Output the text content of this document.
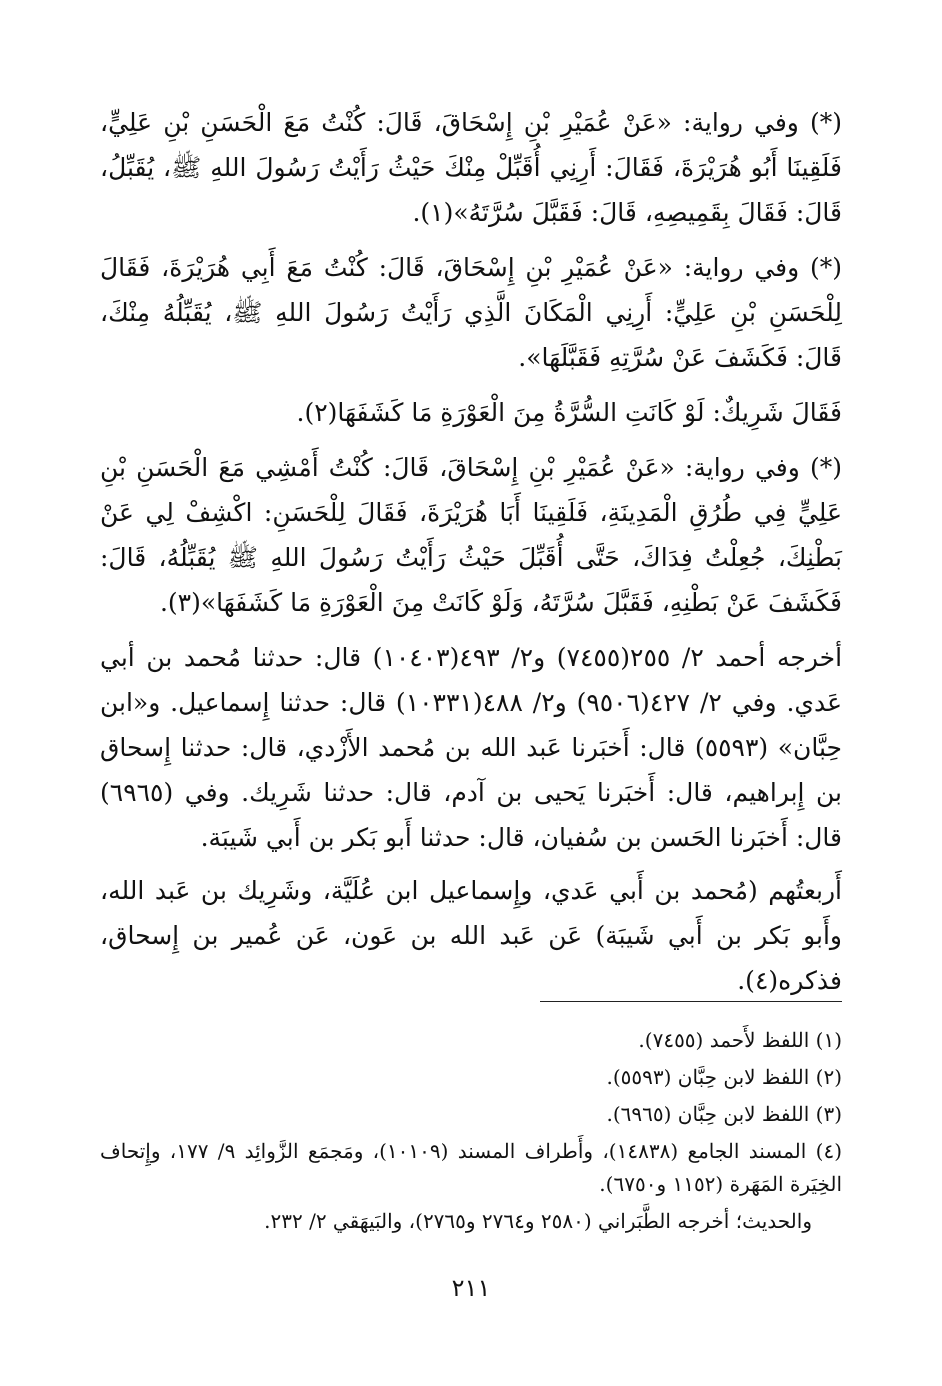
(*) وفي رواية: «عَنْ عُمَيْرِ بْنِ إِسْحَاقَ، قَالَ: كُنْتُ مَعَ الْحَسَنِ بْنِ عَلِيٍّ، فَلَقِينَا أَبُو هُرَيْرَةَ، فَقَالَ: أَرِنِي أُقَبِّلْ مِنْكَ حَيْثُ رَأَيْتُ رَسُولَ اللهِ ﷺ، يُقَبِّلُ، قَالَ: فَقَالَ بِقَمِيصِهِ، قَالَ: فَقَبَّلَ سُرَّتَهُ»(١).

(*) وفي رواية: «عَنْ عُمَيْرِ بْنِ إِسْحَاقَ، قَالَ: كُنْتُ مَعَ أَبِي هُرَيْرَةَ، فَقَالَ لِلْحَسَنِ بْنِ عَلِيٍّ: أَرِنِي الْمَكَانَ الَّذِي رَأَيْتُ رَسُولَ اللهِ ﷺ، يُقَبِّلُهُ مِنْكَ، قَالَ: فَكَشَفَ عَنْ سُرَّتِهِ فَقَبَّلَهَا».

فَقَالَ شَرِيكٌ: لَوْ كَانَتِ السُّرَّةُ مِنَ الْعَوْرَةِ مَا كَشَفَهَا(٢).

(*) وفي رواية: «عَنْ عُمَيْرِ بْنِ إِسْحَاقَ، قَالَ: كُنْتُ أَمْشِي مَعَ الْحَسَنِ بْنِ عَلِيٍّ فِي طُرُقِ الْمَدِينَةِ، فَلَقِينَا أَبَا هُرَيْرَةَ، فَقَالَ لِلْحَسَنِ: اكْشِفْ لِي عَنْ بَطْنِكَ، جُعِلْتُ فِدَاكَ، حَتَّى أُقَبِّلَ حَيْثُ رَأَيْتُ رَسُولَ اللهِ ﷺ يُقَبِّلُهُ، قَالَ: فَكَشَفَ عَنْ بَطْنِهِ، فَقَبَّلَ سُرَّتَهُ، وَلَوْ كَانَتْ مِنَ الْعَوْرَةِ مَا كَشَفَهَا»(٣).

أخرجه أحمد ٢/ ٢٥٥(٧٤٥٥) و٢/ ٤٩٣(١٠٤٠٣) قال: حدثنا مُحمد بن أبي عَدي. وفي ٢/ ٤٢٧(٩٥٠٦) و٢/ ٤٨٨(١٠٣٣١) قال: حدثنا إِسماعيل. و«ابن حِبَّان» (٥٥٩٣) قال: أَخبَرنا عَبد الله بن مُحمد الأَزْدي، قال: حدثنا إِسحاق بن إِبراهيم، قال: أَخبَرنا يَحيى بن آدم، قال: حدثنا شَرِيك. وفي (٦٩٦٥) قال: أَخبَرنا الحَسن بن سُفيان، قال: حدثنا أَبو بَكر بن أَبي شَيبَة.

أَربعتُهم (مُحمد بن أَبي عَدي، وإِسماعيل ابن عُلَيَّة، وشَرِيك بن عَبد الله، وأَبو بَكر بن أَبي شَيبَة) عَن عَبد الله بن عَون، عَن عُمير بن إِسحاق، فذكره(٤).

(١) اللفظ لأَحمد (٧٤٥٥).

(٢) اللفظ لابن حِبَّان (٥٥٩٣).

(٣) اللفظ لابن حِبَّان (٦٩٦٥).

(٤) المسند الجامع (١٤٨٣٨)، وأَطراف المسند (١٠١٠٩)، ومَجمَع الزَّوائِد ٩/ ١٧٧، وإِتحاف الخِيَرة المَهَرة (١١٥٢ و٦٧٥٠).

والحديث؛ أخرجه الطَّبَراني (٢٥٨٠ و٢٧٦٤ و٢٧٦٥)، والبَيهَقي ٢/ ٢٣٢.

٢١١
